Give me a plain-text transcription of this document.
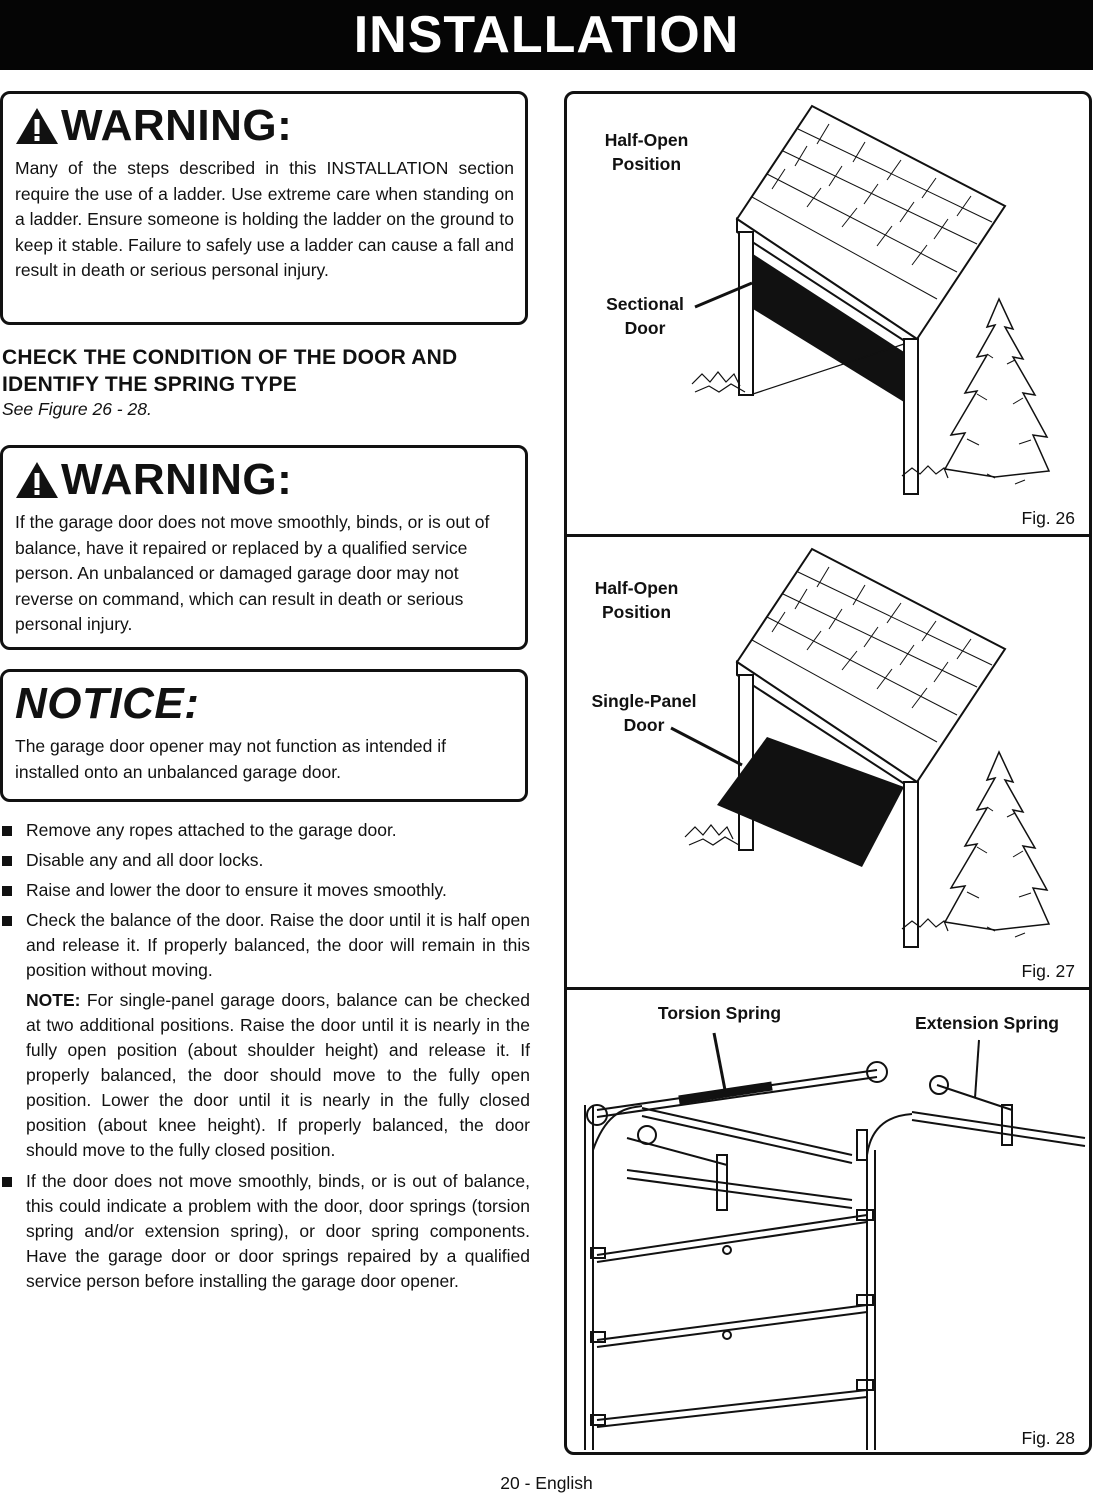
INSTALLATION
WARNING:

Many of the steps described in this INSTALLATION section require the use of a ladder. Use extreme care when standing on a ladder. Ensure someone is holding the ladder on the ground to keep it stable. Failure to safely use a ladder can cause a fall and result in death or serious personal injury.

CHECK THE CONDITION OF THE DOOR AND
IDENTIFY THE SPRING TYPE
See Figure 26 - 28.
WARNING:

If the garage door does not move smoothly, binds, or is out of balance, have it repaired or replaced by a qualified service person. An unbalanced or damaged garage door may not reverse on command, which can result in death or serious personal injury.

NOTICE:

The garage door opener may not function as intended if installed onto an unbalanced garage door.

Remove any ropes attached to the garage door.
Disable any and all door locks.
Raise and lower the door to ensure it moves smoothly.
Check the balance of the door. Raise the door until it is half open and release it. If properly balanced, the door will remain in this position without moving.
NOTE: For single-panel garage doors, balance can be checked at two additional positions. Raise the door until it is nearly in the fully open position (about shoulder height) and release it. If properly balanced, the door should move to the fully open position. Lower the door until it is nearly in the fully closed position (about knee height). If properly balanced, the door should move to the fully closed position.
If the door does not move smoothly, binds, or is out of balance, this could indicate a problem with the door, door springs (torsion spring and/or extension spring), or door spring components. Have the garage door or door springs repaired by a qualified service person before installing the garage door opener.
Half-Open Position
Sectional Door
Fig. 26
Half-Open Position
Single-Panel Door
Fig. 27
Torsion Spring	Extension Spring
Fig. 28
20 - English
